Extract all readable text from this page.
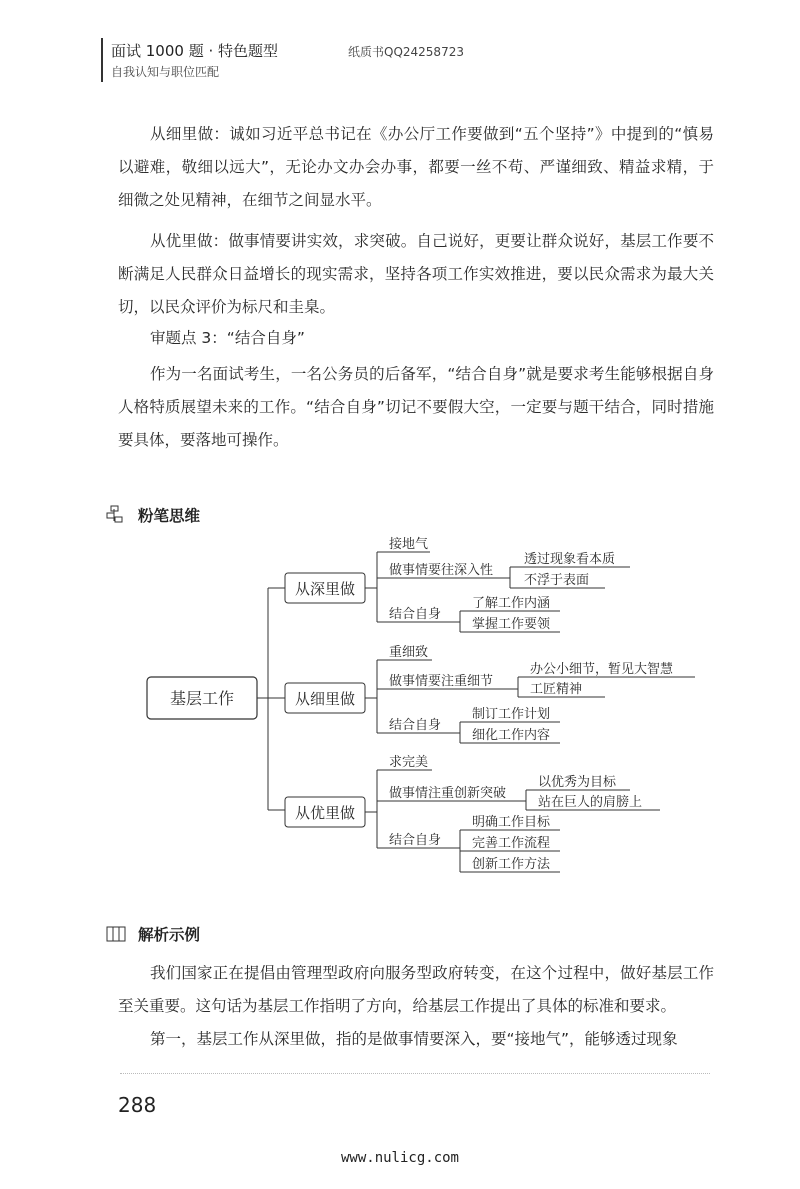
面试 1000 题 · 特色题型
自我认知与职位匹配
纸质书QQ24258723
从细里做：诚如习近平总书记在《办公厅工作要做到“五个坚持”》中提到的“慎易以避难，敬细以远大”，无论办文办会办事，都要一丝不苟、严谨细致、精益求精，于细微之处见精神，在细节之间显水平。
从优里做：做事情要讲实效，求突破。自己说好，更要让群众说好，基层工作要不断满足人民群众日益增长的现实需求，坚持各项工作实效推进，要以民众需求为最大关切，以民众评价为标尺和圭臬。
审题点 3：“结合自身”
作为一名面试考生，一名公务员的后备军，“结合自身”就是要求考生能够根据自身人格特质展望未来的工作。“结合自身”切记不要假大空，一定要与题干结合，同时措施要具体，要落地可操作。
粉笔思维
基层工作
从深里做
接地气
做事情要往深入性
透过现象看本质
不浮于表面
结合自身
了解工作内涵
掌握工作要领
从细里做
重细致
做事情要注重细节
办公小细节，暂见大智慧
工匠精神
结合自身
制订工作计划
细化工作内容
从优里做
求完美
做事情注重创新突破
以优秀为目标
站在巨人的肩膀上
结合自身
明确工作目标
完善工作流程
创新工作方法
解析示例
我们国家正在提倡由管理型政府向服务型政府转变，在这个过程中，做好基层工作至关重要。这句话为基层工作指明了方向，给基层工作提出了具体的标准和要求。
第一，基层工作从深里做，指的是做事情要深入，要“接地气”，能够透过现象
288
www.nulicg.com
